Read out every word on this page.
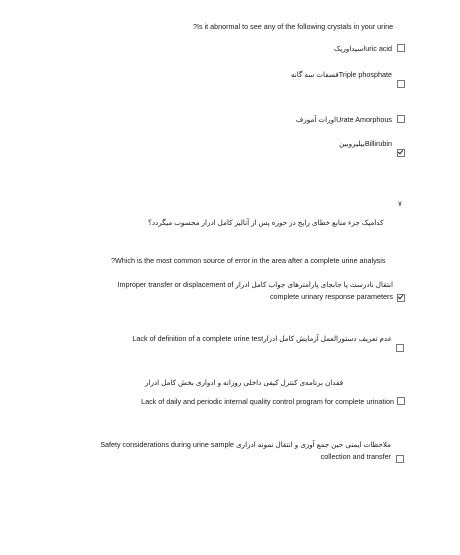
?Is it abnormal to see any of the following crystals in your urine
اسیداوریکuric acid
فسفات سه گانهTriple phosphate
اورات آمورفUrate Amorphous
بیلیروبینBillirubin
۷
کدامیک جزء منابع خطای رایج در حوزه پس از آنالیز کامل ادرار محسوب میگردد؟
?Which is the most common source of error in the area after a complete urine analysis
Improper transfer or displacement of انتقال نادرست یا جابجای پارامترهای جواب کامل ادرار
complete urinary response parameters
Lack of definition of a complete urine testعدم تعریف دستورالعمل آزمایش کامل ادرار
فقدان برنامه‌ی کنترل کیفی داخلی روزانه و ادواری بخش کامل ادرار
Lack of daily and periodic internal quality control program for complete urination
Safety considerations during urine sample ملاحظات ایمنی حین جمع آوری و انتقال نمونه ادراری
collection and transfer
